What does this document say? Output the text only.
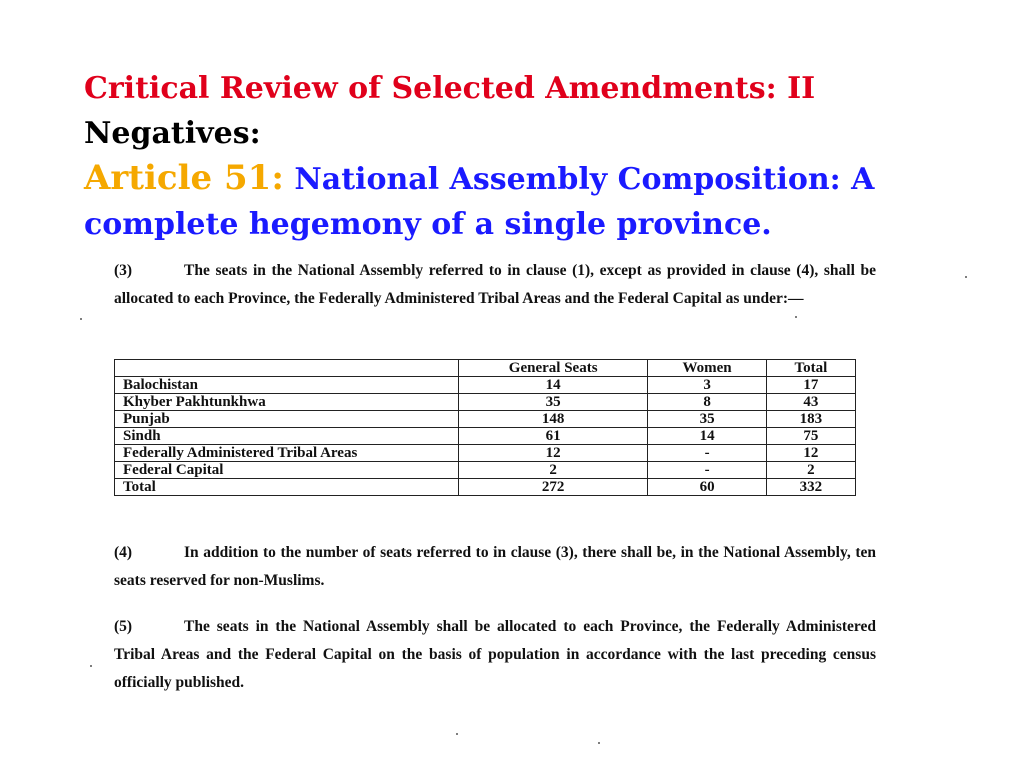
Critical Review of Selected Amendments: II
Negatives:
Article 51: National Assembly Composition: A
complete hegemony of a single province.

(3)	The seats in the National Assembly referred to in clause (1), except as provided in clause (4), shall be allocated to each Province, the Federally Administered Tribal Areas and the Federal Capital as under:—

	General Seats	Women	Total
Balochistan	14	3	17
Khyber Pakhtunkhwa	35	8	43
Punjab	148	35	183
Sindh	61	14	75
Federally Administered Tribal Areas	12	-	12
Federal Capital	2	-	2
Total	272	60	332

(4)	In addition to the number of seats referred to in clause (3), there shall be, in the National Assembly, ten seats reserved for non-Muslims.

(5)	The seats in the National Assembly shall be allocated to each Province, the Federally Administered Tribal Areas and the Federal Capital on the basis of population in accordance with the last preceding census officially published.
